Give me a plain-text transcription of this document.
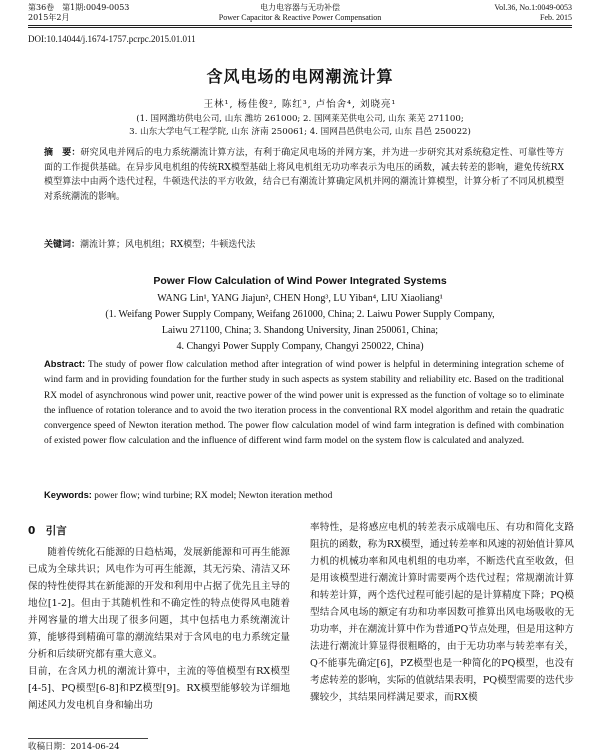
第36卷　第1期:0049-0053
2015年2月
电力电容器与无功补偿
Power Capacitor & Reactive Power Compensation
Vol.36, No.1:0049-0053
Feb. 2015
DOI:10.14044/j.1674-1757.pcrpc.2015.01.011
含风电场的电网潮流计算
王林¹, 杨佳俊², 陈红³, 卢怡舍⁴, 刘晓亮¹
(1. 国网潍坊供电公司, 山东 潍坊 261000; 2. 国网莱芜供电公司, 山东 莱芜 271100;
3. 山东大学电气工程学院, 山东 济南 250061; 4. 国网昌邑供电公司, 山东 昌邑 250022)
摘　要：研究风电并网后的电力系统潮流计算方法，有利于确定风电场的并网方案，并为进一步研究其对系统稳定性、可靠性等方面的工作提供基础。在异步风电机组的传统RX模型基础上将风电机组无功功率表示为电压的函数，减去转差的影响，避免传统RX模型算法中由两个迭代过程，牛顿迭代法的平方收敛，结合已有潮流计算确定风机并网的潮流计算模型，计算分析了不同风机模型对系统潮流的影响。
关键词：潮流计算；风电机组；RX模型；牛顿迭代法
Power Flow Calculation of Wind Power Integrated Systems
WANG Lin¹, YANG Jiajun², CHEN Hong³, LU Yiban⁴, LIU Xiaoliang¹
(1. Weifang Power Supply Company, Weifang 261000, China; 2. Laiwu Power Supply Company,
Laiwu 271100, China; 3. Shandong University, Jinan 250061, China;
4. Changyi Power Supply Company, Changyi 250022, China)
Abstract: The study of power flow calculation method after integration of wind power is helpful in determining integration scheme of wind farm and in providing foundation for the further study in such aspects as system stability and reliability etc. Based on the traditional RX model of asynchronous wind power unit, reactive power of the wind power unit is expressed as the function of voltage so to eliminate the influence of rotation tolerance and to avoid the two iteration process in the conventional RX model algorithm and retain the quadratic convergence speed of Newton iteration method. The power flow calculation model of wind farm integration is defined with combination of existed power flow calculation and the influence of different wind farm model on the system flow is calculated and analyzed.
Keywords: power flow; wind turbine; RX model; Newton iteration method
0　引言
随着传统化石能源的日趋枯竭，发展新能源和可再生能源已成为全球共识；风电作为可再生能源，其无污染、清洁又环保的特性使得其在新能源的开发和利用中占据了优先且主导的地位[1-2]。但由于其随机性和不确定性的特点使得风电随着并网容量的增大出现了很多问题，其中包括电力系统潮流计算，能够得到精确可靠的潮流结果对于含风电的电力系统定量分析和后续研究都有重大意义。
目前，在含风力机的潮流计算中，主流的等值模型有RX模型[4-5]、PQ模型[6-8]和PZ模型[9]。RX模型能够较为详细地阐述风力发电机自身和输出功
率特性，是将感应电机的转差表示成端电压、有功和简化支路阻抗的函数，称为RX模型，通过转差率和风速的初始值计算风力机的机械功率和风电机组的电功率，不断迭代直至收敛，但是用该模型进行潮流计算时需要两个迭代过程；常规潮流计算和转差计算，两个迭代过程可能引起的是计算精度下降；PQ模型结合风电场的额定有功和功率因数可推算出风电场吸收的无功功率，并在潮流计算中作为普通PQ节点处理，但是用这种方法进行潮流计算显得很粗略的，由于无功功率与转差率有关，Q不能事先确定[6]，PZ模型也是一种简化的PQ模型，也没有考虑转差的影响，实际的值就结果表明，PQ模型需要的迭代步骤较少，其结果同样满足要求，而RX模
收稿日期：2014-06-24
